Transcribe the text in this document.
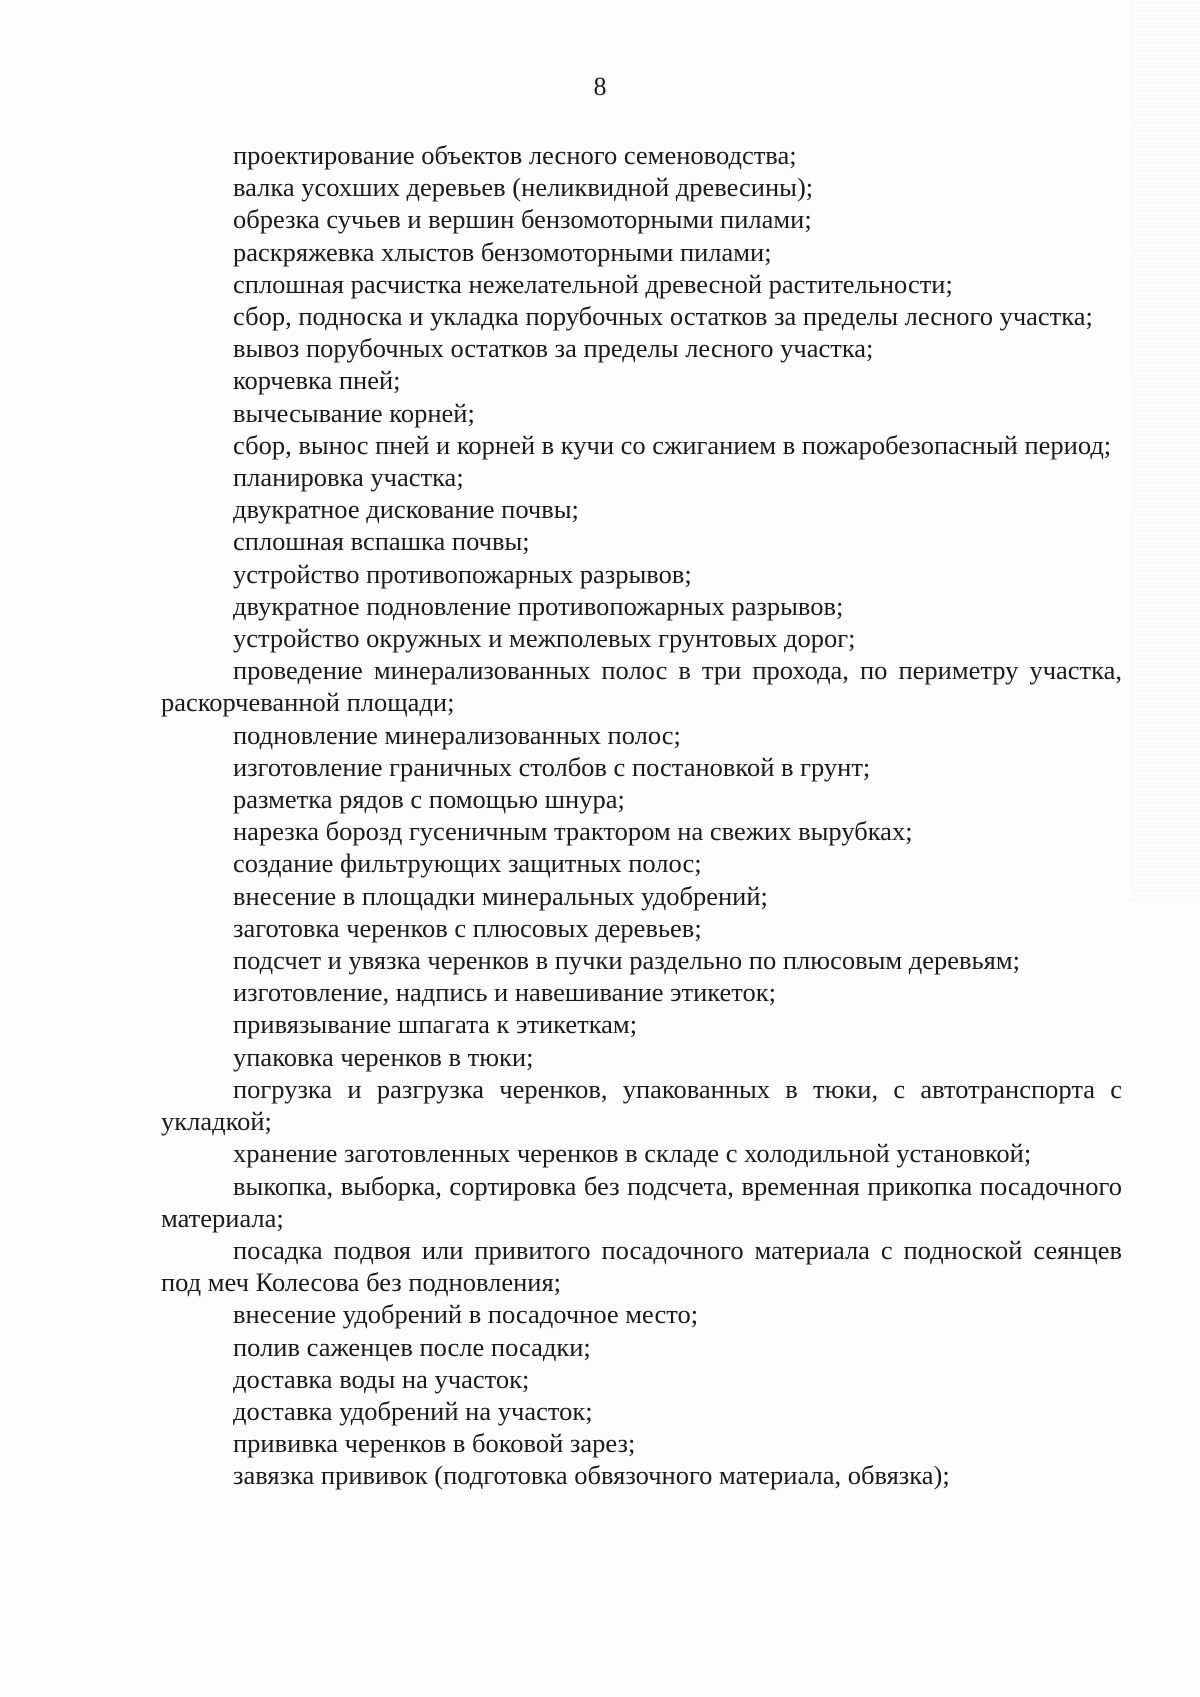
8

проектирование объектов лесного семеноводства;

валка усохших деревьев (неликвидной древесины);

обрезка сучьев и вершин бензомоторными пилами;

раскряжевка хлыстов бензомоторными пилами;

сплошная расчистка нежелательной древесной растительности;

сбор, подноска и укладка порубочных остатков за пределы лесного участка;

вывоз порубочных остатков за пределы лесного участка;

корчевка пней;

вычесывание корней;

сбор, вынос пней и корней в кучи со сжиганием в пожаробезопасный период;

планировка участка;

двукратное дискование почвы;

сплошная вспашка почвы;

устройство противопожарных разрывов;

двукратное подновление противопожарных разрывов;

устройство окружных и межполевых грунтовых дорог;

проведение минерализованных полос в три прохода, по периметру участка, раскорчеванной площади;

подновление минерализованных полос;

изготовление граничных столбов с постановкой в грунт;

разметка рядов с помощью шнура;

нарезка борозд гусеничным трактором на свежих вырубках;

создание фильтрующих защитных полос;

внесение в площадки минеральных удобрений;

заготовка черенков с плюсовых деревьев;

подсчет и увязка черенков в пучки раздельно по плюсовым деревьям;

изготовление, надпись и навешивание этикеток;

привязывание шпагата к этикеткам;

упаковка черенков в тюки;

погрузка и разгрузка черенков, упакованных в тюки, с автотранспорта с укладкой;

хранение заготовленных черенков в складе с холодильной установкой;

выкопка, выборка, сортировка без подсчета, временная прикопка посадочного материала;

посадка подвоя или привитого посадочного материала с подноской сеянцев под меч Колесова без подновления;

внесение удобрений в посадочное место;

полив саженцев после посадки;

доставка воды на участок;

доставка удобрений на участок;

прививка черенков в боковой зарез;

завязка прививок (подготовка обвязочного материала, обвязка);
